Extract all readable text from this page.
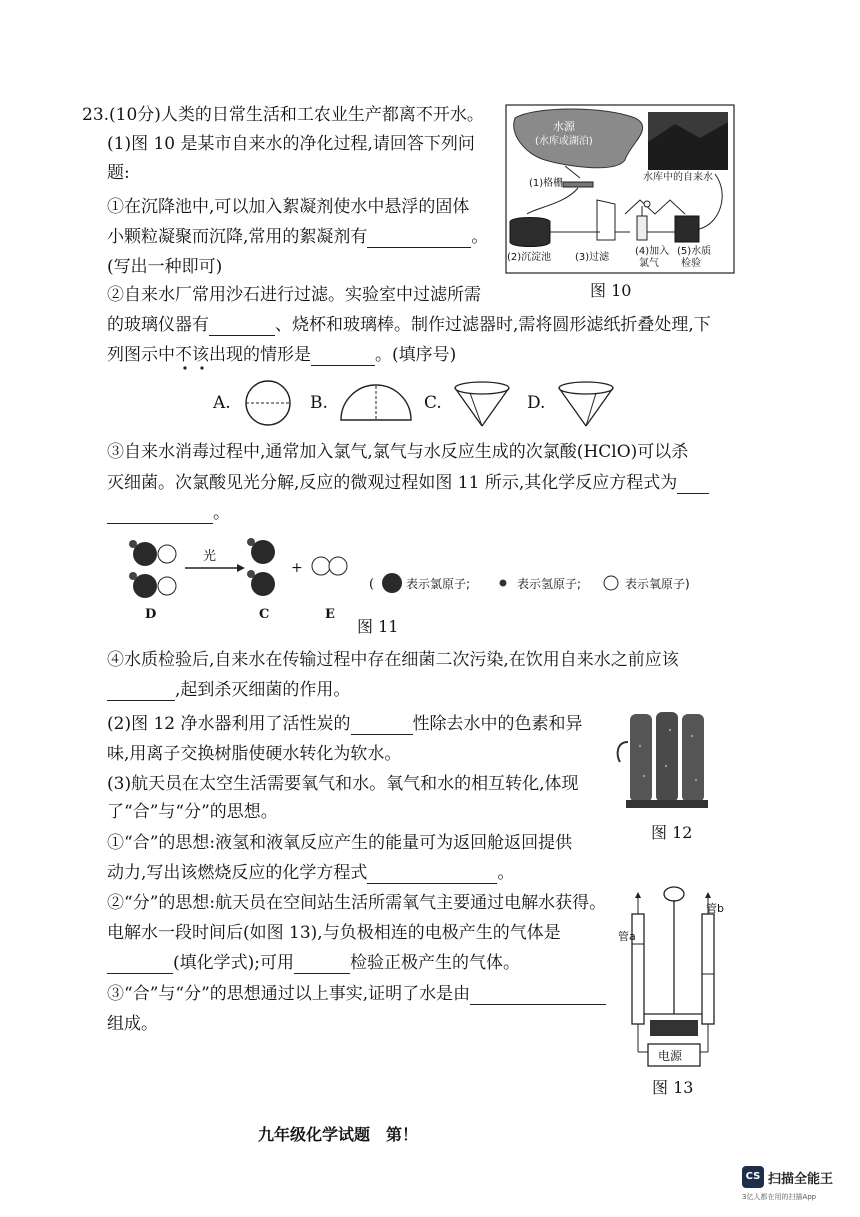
23.(10分)人类的日常生活和工农业生产都离不开水。
(1)图 10 是某市自来水的净化过程,请回答下列问
题:
①在沉降池中,可以加入絮凝剂使水中悬浮的固体
小颗粒凝聚而沉降,常用的絮凝剂有	。
(写出一种即可)
②自来水厂常用沙石进行过滤。实验室中过滤所需
的玻璃仪器有	、烧杯和玻璃棒。制作过滤器时,需将圆形滤纸折叠处理,下
列图示中不该出现的情形是	。(填序号)
水源
(水库或湖泊)
水库中的自来水
(1)格栅
(2)沉淀池 (3)过滤
(4)加入
氯气
(5)水质
检验
图 10
A.	B.	C.	D.
③自来水消毒过程中,通常加入氯气,氯气与水反应生成的次氯酸(HClO)可以杀
灭细菌。次氯酸见光分解,反应的微观过程如图 11 所示,其化学反应方程式为
。
光
+
D	C	E
(	表示氯原子;	表示氢原子;	表示氧原子)
图 11
④水质检验后,自来水在传输过程中存在细菌二次污染,在饮用自来水之前应该
,起到杀灭细菌的作用。
(2)图 12 净水器利用了活性炭的	性除去水中的色素和异
味,用离子交换树脂使硬水转化为软水。
图 12
(3)航天员在太空生活需要氧气和水。氧气和水的相互转化,体现
了“合”与“分”的思想。
①“合”的思想:液氢和液氧反应产生的能量可为返回舱返回提供
动力,写出该燃烧反应的化学方程式	。
②“分”的思想:航天员在空间站生活所需氧气主要通过电解水获得。
电解水一段时间后(如图 13),与负极相连的电极产生的气体是
(填化学式);可用	检验正极产生的气体。
③“合”与“分”的思想通过以上事实,证明了水是由
组成。
管a
管b
电源
图 13
九年级化学试题　第！
CS 扫描全能王
3亿人都在用的扫描App
